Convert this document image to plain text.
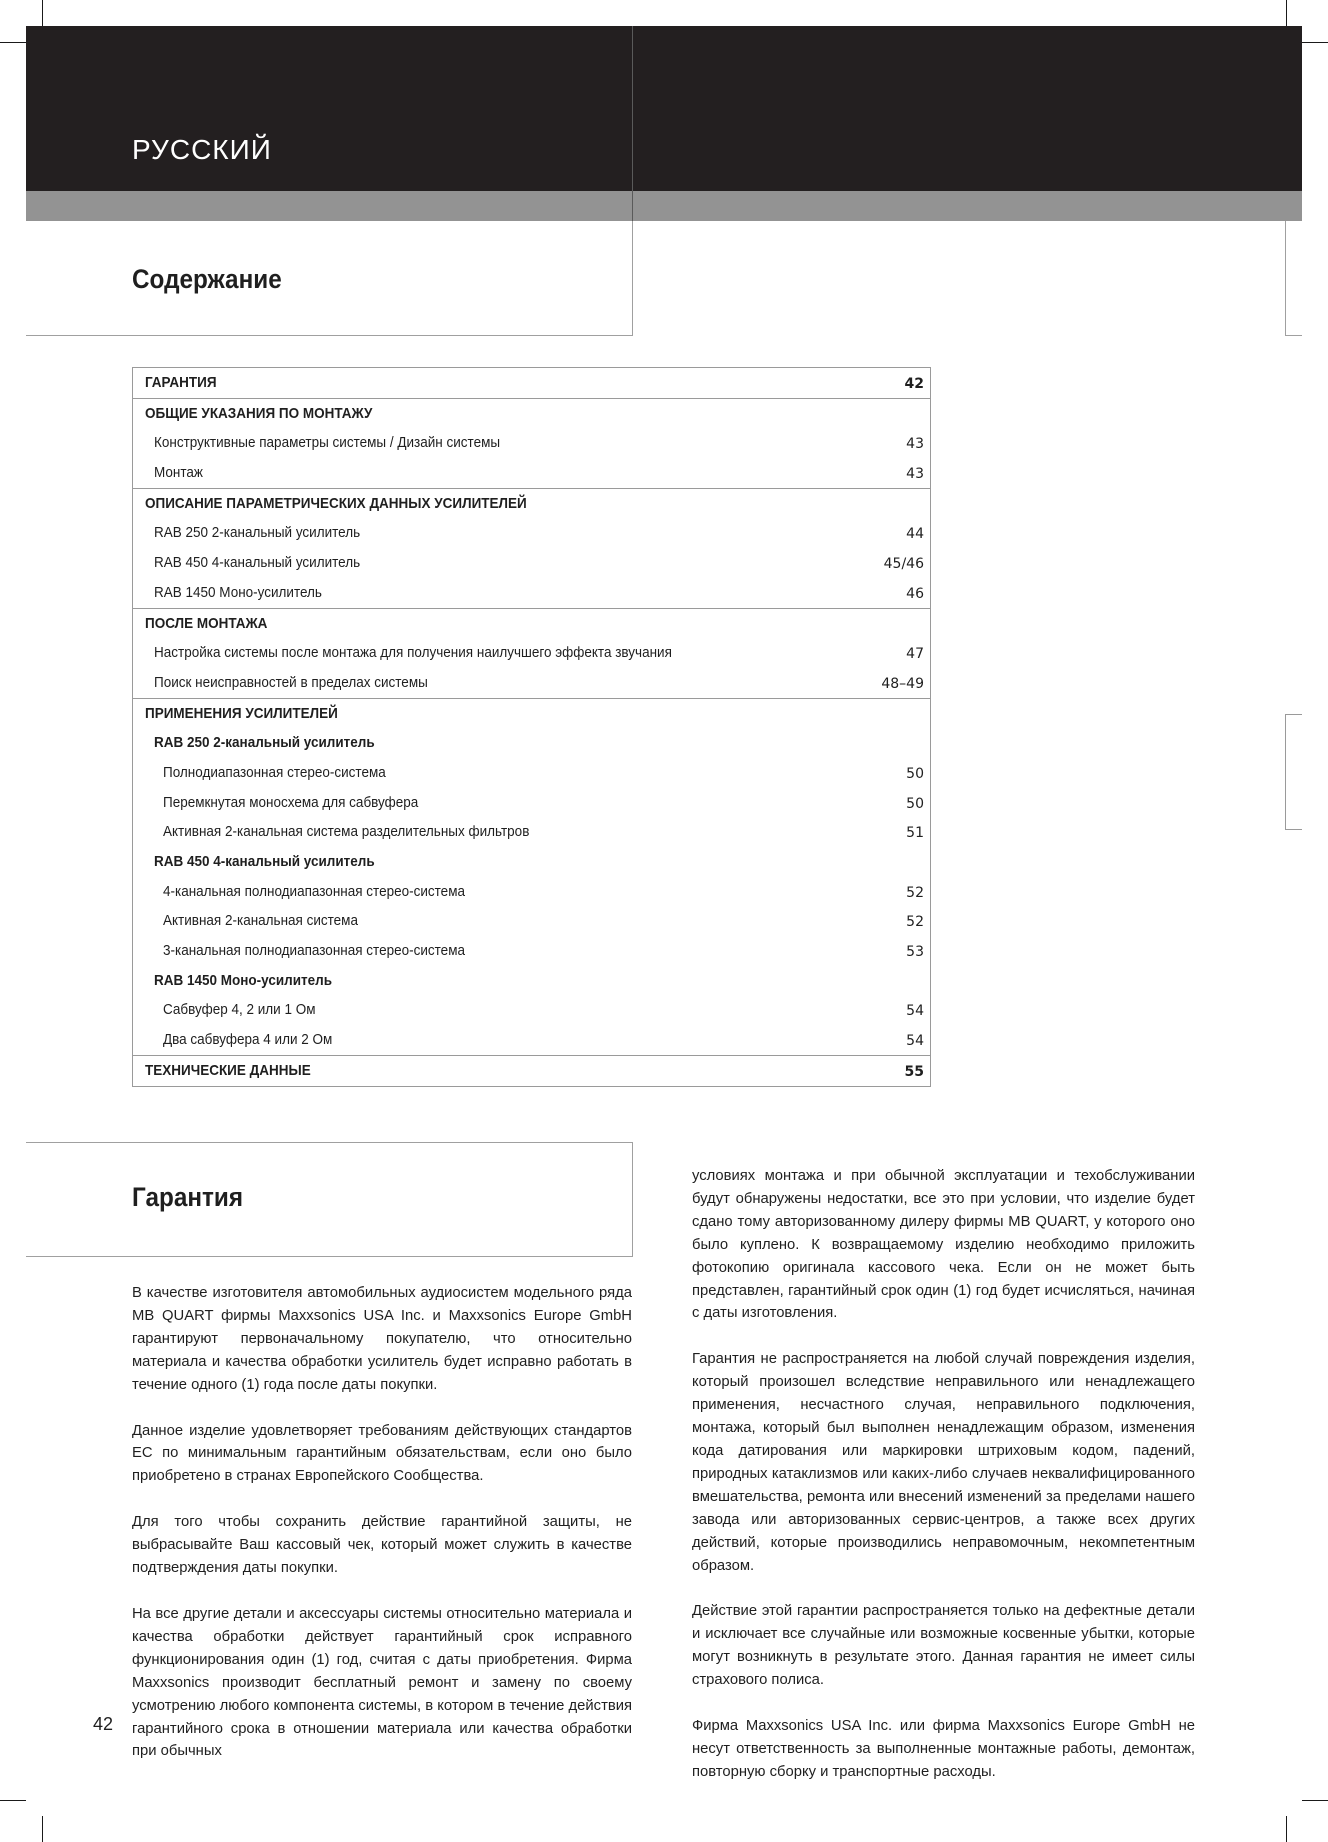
РУССКИЙ
Содержание
ГАРАНТИЯ	42
ОБЩИЕ УКАЗАНИЯ ПО МОНТАЖУ
Конструктивные параметры системы / Дизайн системы	43
Монтаж	43
ОПИСАНИЕ ПАРАМЕТРИЧЕСКИХ ДАННЫХ УСИЛИТЕЛЕЙ
RAB 250 2-канальный усилитель	44
RAB 450 4-канальный усилитель	45/46
RAB 1450 Моно-усилитель	46
ПОСЛЕ МОНТАЖА
Настройка системы после монтажа для получения наилучшего эффекта звучания	47
Поиск неисправностей в пределах системы	48–49
ПРИМЕНЕНИЯ УСИЛИТЕЛЕЙ
RAB 250 2-канальный усилитель
Полнодиапазонная стерео-система	50
Перемкнутая моносхема для сабвуфера	50
Активная 2-канальная система разделительных фильтров	51
RAB 450 4-канальный усилитель
4-канальная полнодиапазонная стерео-система	52
Активная 2-канальная система	52
3-канальная полнодиапазонная стерео-система	53
RAB 1450 Моно-усилитель
Сабвуфер 4, 2 или 1 Ом	54
Два сабвуфера 4 или 2 Ом	54
ТЕХНИЧЕСКИЕ ДАННЫЕ	55
Гарантия

В качестве изготовителя автомобильных аудиосистем модельного ряда MB QUART фирмы Maxxsonics USA Inc. и Maxxsonics Europe GmbH гарантируют первоначальному покупателю, что относительно материала и качества обработки усилитель будет исправно работать в течение одного (1) года после даты покупки.

Данное изделие удовлетворяет требованиям действующих стандартов ЕС по минимальным гарантийным обязательствам, если оно было приобретено в странах Европейского Сообщества.

Для того чтобы сохранить действие гарантийной защиты, не выбрасывайте Ваш кассовый чек, который может служить в качестве подтверждения даты покупки.

На все другие детали и аксессуары системы относительно материала и качества обработки действует гарантийный срок исправного функционирования один (1) год, считая с даты приобретения. Фирма Maxxsonics производит бесплатный ремонт и замену по своему усмотрению любого компонента системы, в котором в течение действия гарантийного срока в отношении материала или качества обработки при обычных

условиях монтажа и при обычной эксплуатации и техобслуживании будут обнаружены недостатки, все это при условии, что изделие будет сдано тому авторизованному дилеру фирмы MB QUART, у которого оно было куплено. К возвращаемому изделию необходимо приложить фотокопию оригинала кассового чека. Если он не может быть представлен, гарантийный срок один (1) год будет исчисляться, начиная с даты изготовления.

Гарантия не распространяется на любой случай повреждения изделия, который произошел вследствие неправильного или ненадлежащего применения, несчастного случая, неправильного подключения, монтажа, который был выполнен ненадлежащим образом, изменения кода датирования или маркировки штриховым кодом, падений, природных катаклизмов или каких-либо случаев неквалифицированного вмешательства, ремонта или внесений изменений за пределами нашего завода или авторизованных сервис-центров, а также всех других действий, которые производились неправомочным, некомпетентным образом.

Действие этой гарантии распространяется только на дефектные детали и исключает все случайные или возможные косвенные убытки, которые могут возникнуть в результате этого. Данная гарантия не имеет силы страхового полиса.

Фирма Maxxsonics USA Inc. или фирма Maxxsonics Europe GmbH не несут ответственность за выполненные монтажные работы, демонтаж, повторную сборку и транспортные расходы.

42
